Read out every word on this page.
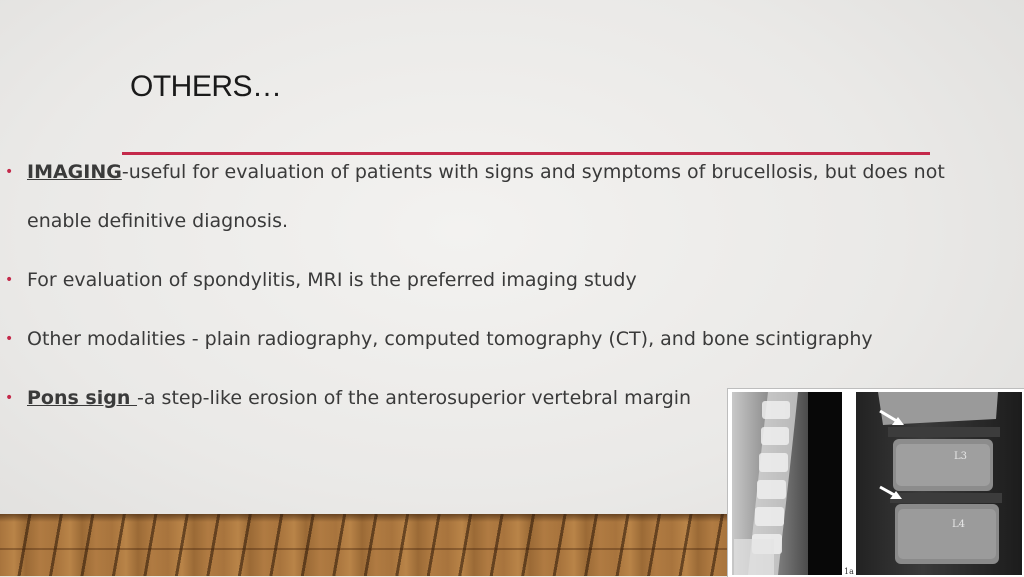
OTHERS…
• IMAGING-useful for evaluation of patients with signs and symptoms of brucellosis, but does not enable definitive diagnosis.
• For evaluation of spondylitis, MRI is the preferred imaging study
• Other modalities - plain radiography, computed tomography (CT), and bone scintigraphy
• Pons sign -a step-like erosion of the anterosuperior vertebral margin
L3
L4
1a
